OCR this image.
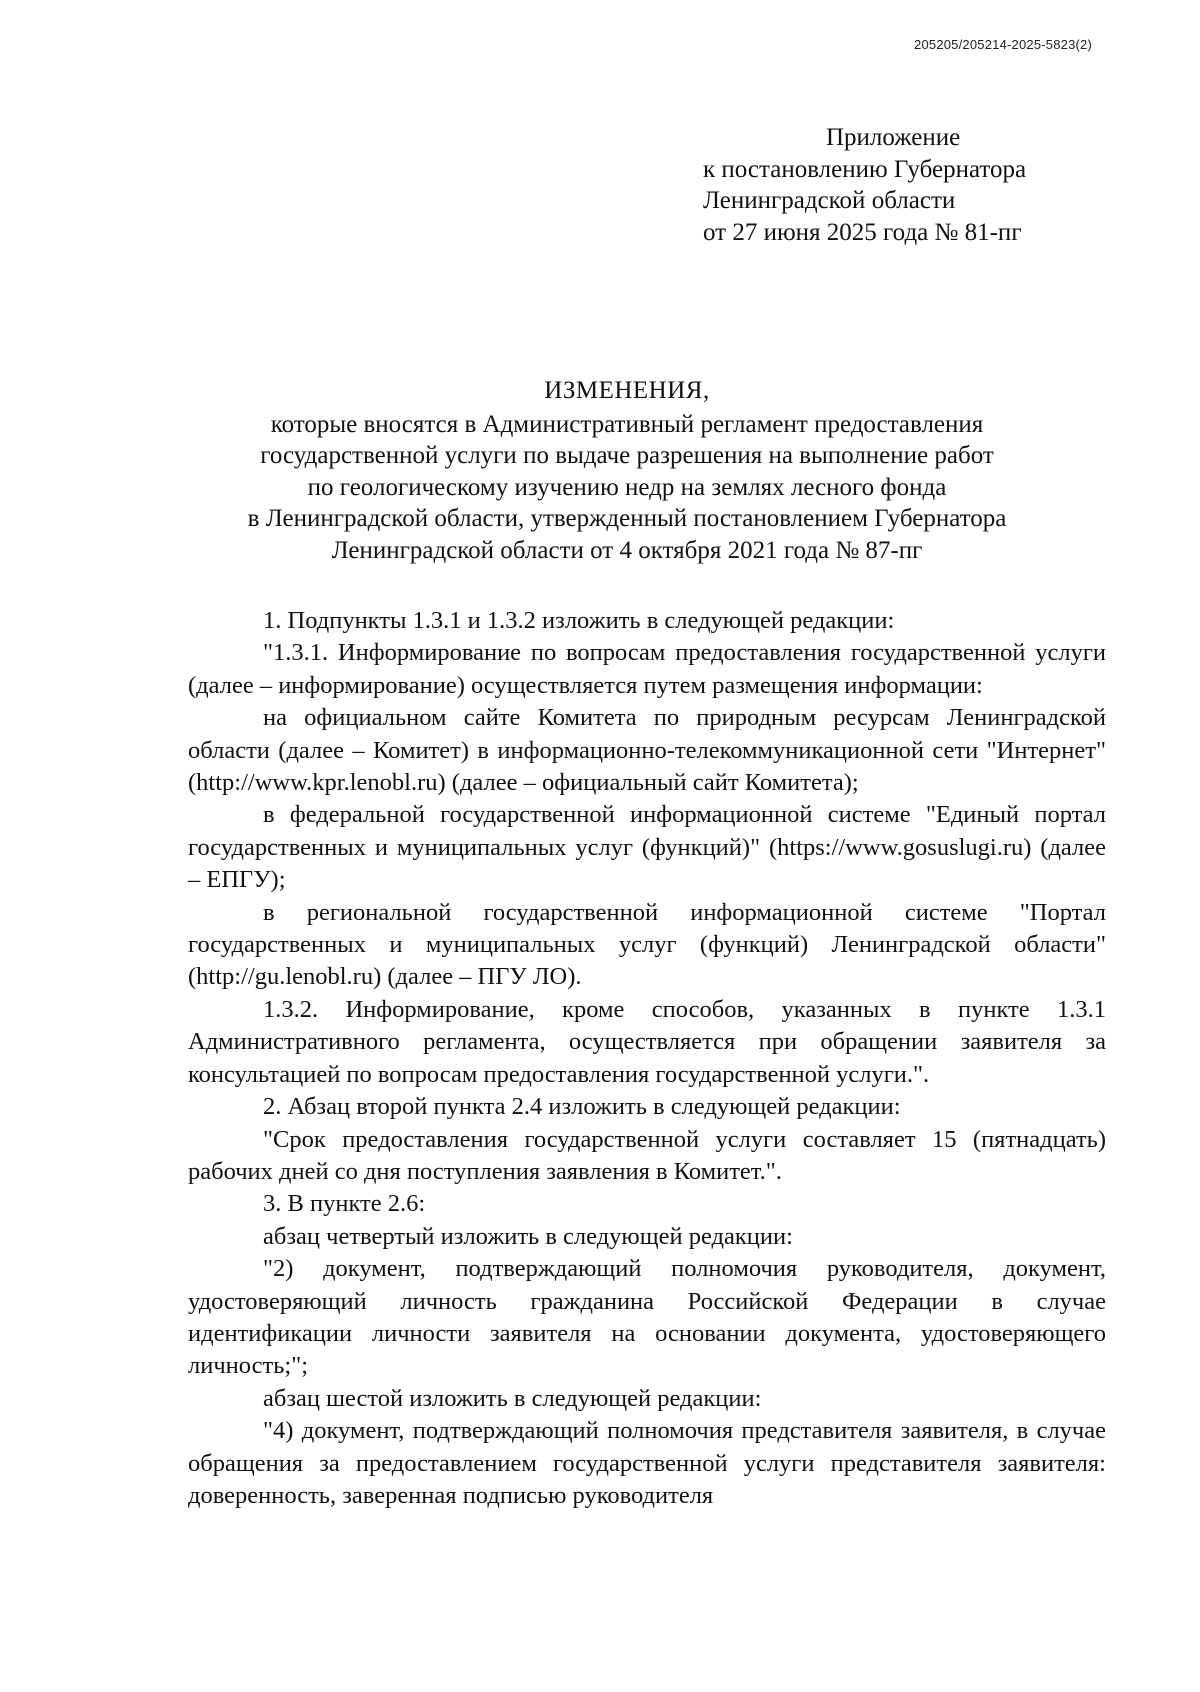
205205/205214-2025-5823(2)
Приложение
к постановлению Губернатора
Ленинградской области
от 27 июня 2025 года № 81-пг
ИЗМЕНЕНИЯ,
которые вносятся в Административный регламент предоставления
государственной услуги по выдаче разрешения на выполнение работ
по геологическому изучению недр на землях лесного фонда
в Ленинградской области, утвержденный постановлением Губернатора
Ленинградской области от 4 октября 2021 года № 87-пг

1. Подпункты 1.3.1 и 1.3.2 изложить в следующей редакции:

"1.3.1. Информирование по вопросам предоставления государственной услуги (далее – информирование) осуществляется путем размещения информации:

на официальном сайте Комитета по природным ресурсам Ленинградской области (далее – Комитет) в информационно-телекоммуникационной сети "Интернет" (http://www.kpr.lenobl.ru) (далее – официальный сайт Комитета);

в федеральной государственной информационной системе "Единый портал государственных и муниципальных услуг (функций)" (https://www.gosuslugi.ru) (далее – ЕПГУ);

в региональной государственной информационной системе "Портал государственных и муниципальных услуг (функций) Ленинградской области" (http://gu.lenobl.ru) (далее – ПГУ ЛО).

1.3.2. Информирование, кроме способов, указанных в пункте 1.3.1 Административного регламента, осуществляется при обращении заявителя за консультацией по вопросам предоставления государственной услуги.".

2. Абзац второй пункта 2.4 изложить в следующей редакции:

"Срок предоставления государственной услуги составляет 15 (пятнадцать) рабочих дней со дня поступления заявления в Комитет.".

3. В пункте 2.6:

абзац четвертый изложить в следующей редакции:

"2) документ, подтверждающий полномочия руководителя, документ, удостоверяющий личность гражданина Российской Федерации в случае идентификации личности заявителя на основании документа, удостоверяющего личность;";

абзац шестой изложить в следующей редакции:

"4) документ, подтверждающий полномочия представителя заявителя, в случае обращения за предоставлением государственной услуги представителя заявителя: доверенность, заверенная подписью руководителя
